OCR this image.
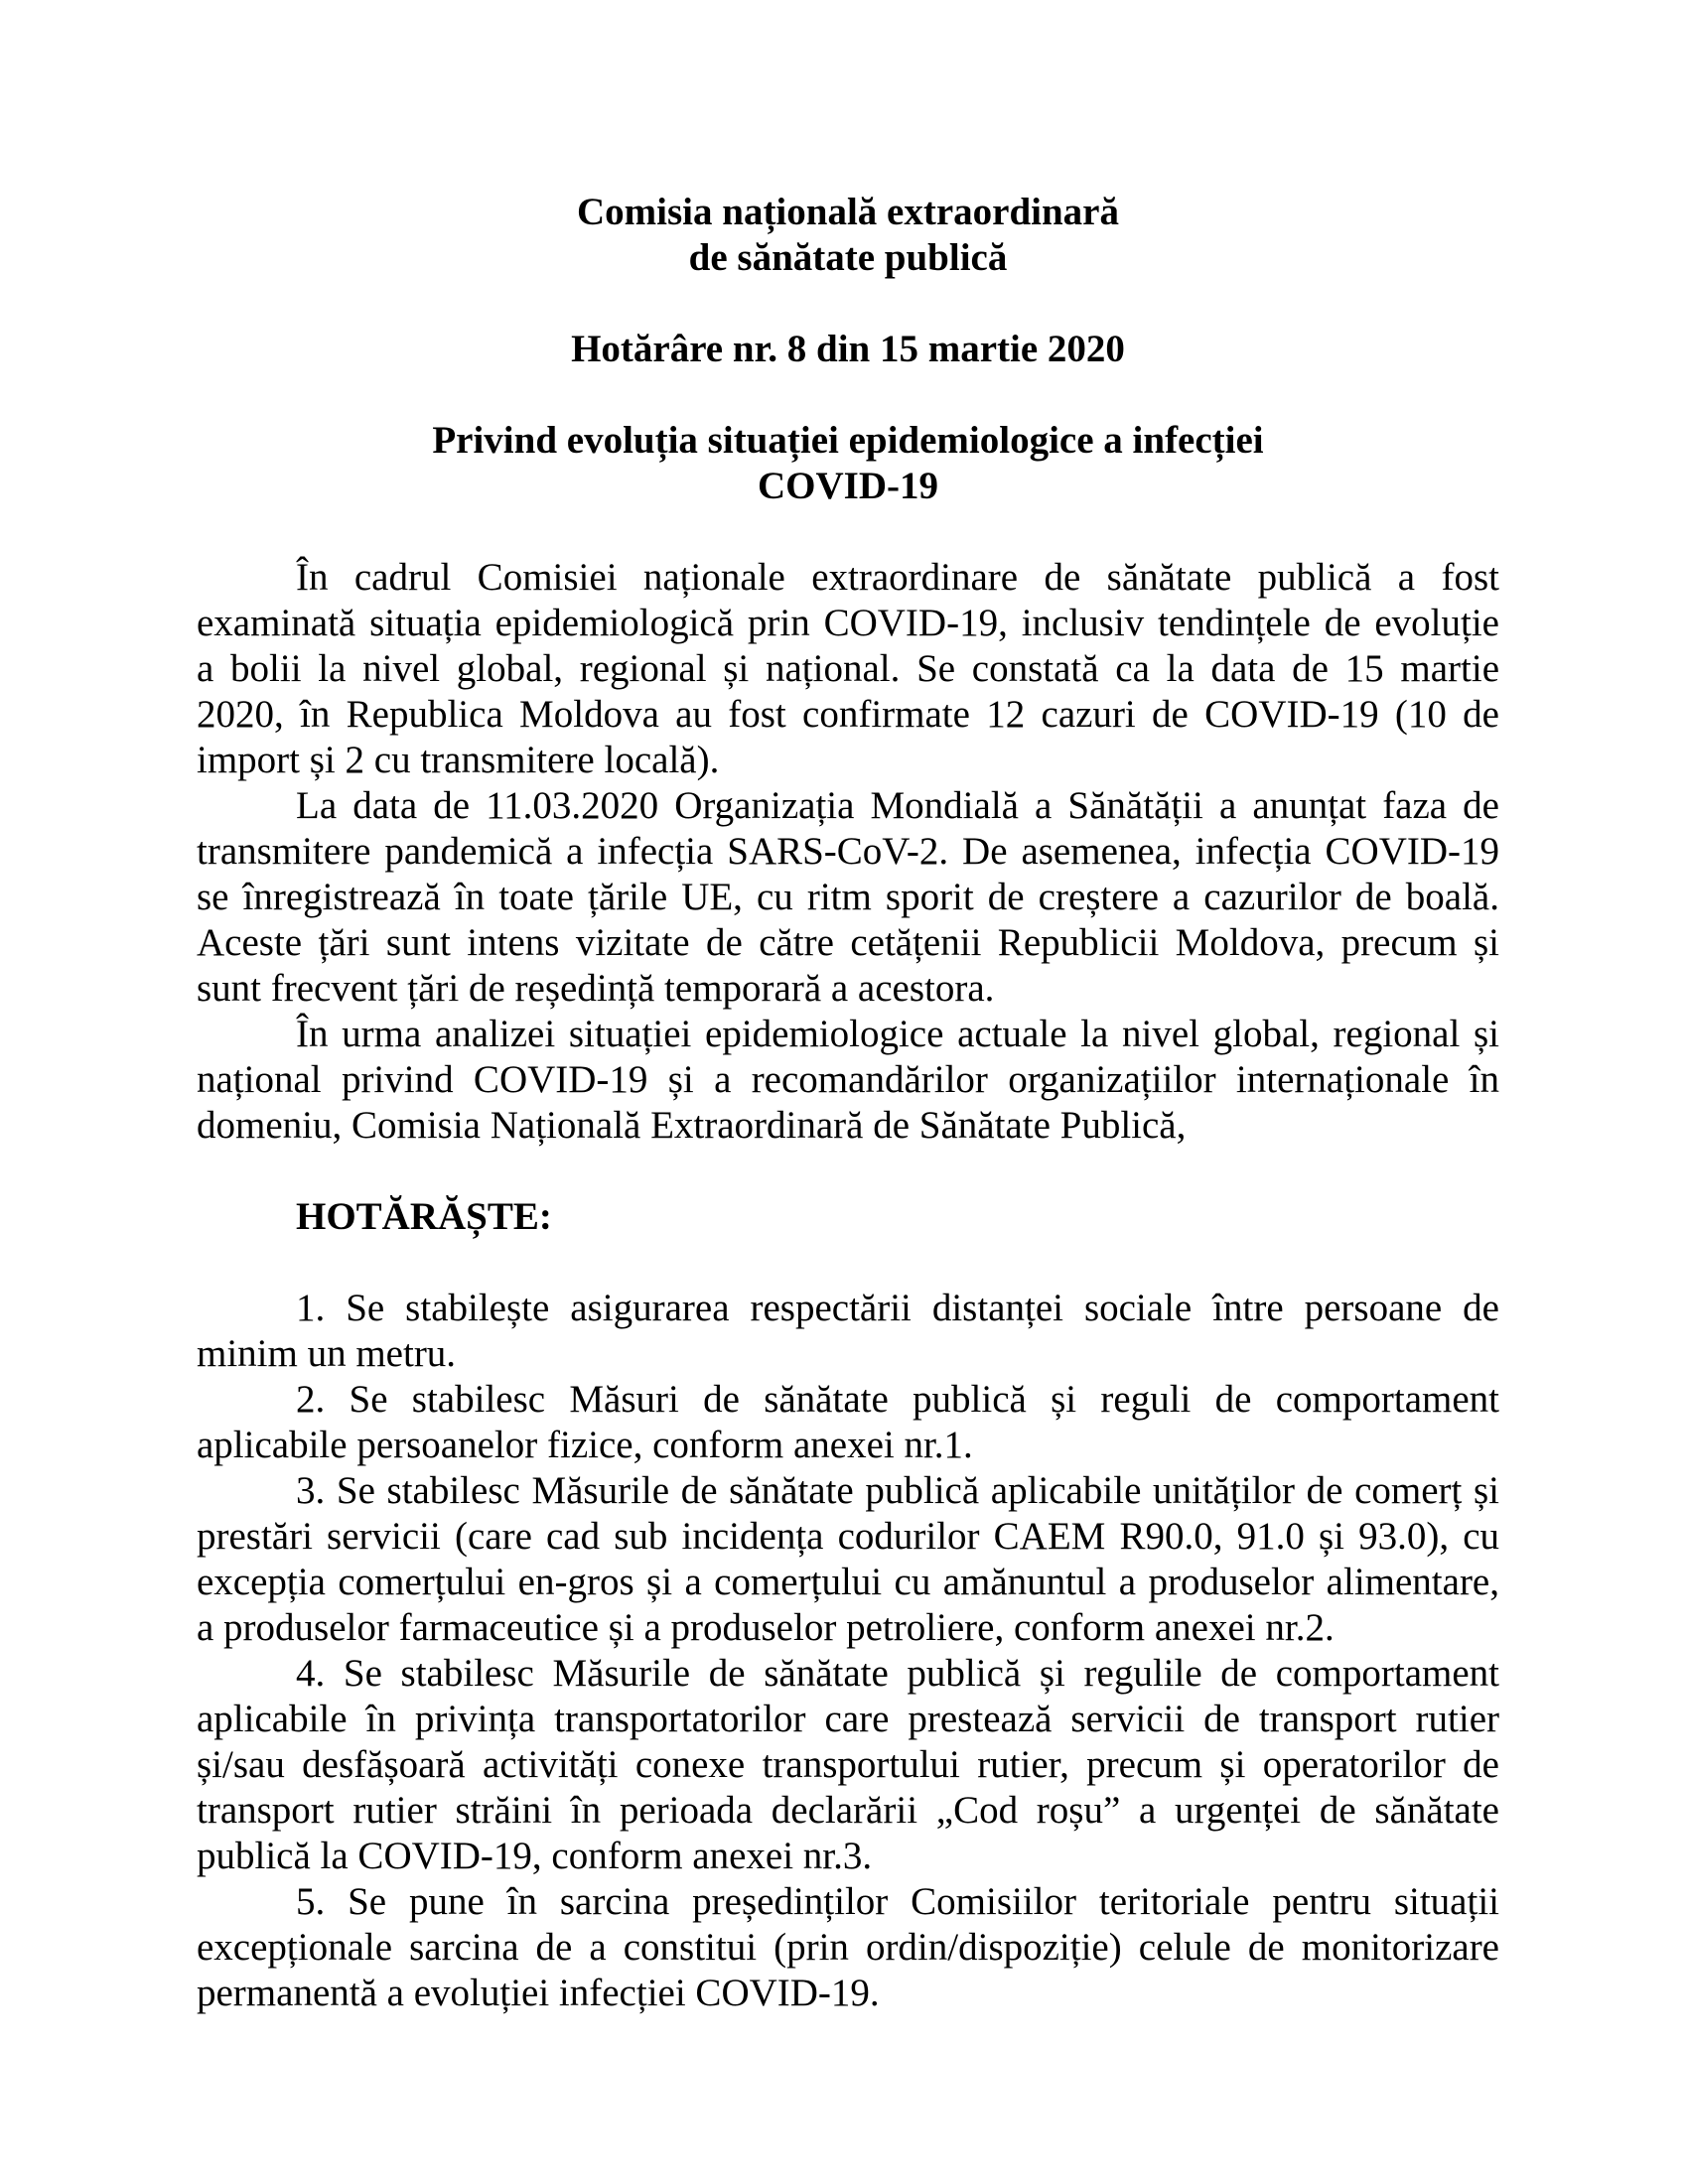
Comisia națională extraordinară
de sănătate publică
Hotărâre nr. 8 din 15 martie 2020
Privind evoluția situației epidemiologice a infecției
COVID-19
În cadrul Comisiei naționale extraordinare de sănătate publică a fost
examinată situația epidemiologică prin COVID-19, inclusiv tendințele de evoluție
a bolii la nivel global, regional și național. Se constată ca la data de 15 martie
2020, în Republica Moldova au fost confirmate 12 cazuri de COVID-19 (10 de
import și 2 cu transmitere locală).
La data de 11.03.2020 Organizația Mondială a Sănătății a anunțat faza de
transmitere pandemică a infecția SARS-CoV-2. De asemenea, infecția COVID-19
se înregistrează în toate țările UE, cu ritm sporit de creștere a cazurilor de boală.
Aceste țări sunt intens vizitate de către cetățenii Republicii Moldova, precum și
sunt frecvent țări de reședință temporară a acestora.
În urma analizei situației epidemiologice actuale la nivel global, regional și
național privind COVID-19 și a recomandărilor organizațiilor internaționale în
domeniu, Comisia Națională Extraordinară de Sănătate Publică,
HOTĂRĂȘTE:
1. Se stabilește asigurarea respectării distanței sociale între persoane de
minim un metru.
2. Se stabilesc Măsuri de sănătate publică și reguli de comportament
aplicabile persoanelor fizice, conform anexei nr.1.
3. Se stabilesc Măsurile de sănătate publică aplicabile unităților de comerț și
prestări servicii (care cad sub incidența codurilor CAEM R90.0, 91.0 și 93.0), cu
excepția comerțului en-gros și a comerțului cu amănuntul a produselor alimentare,
a produselor farmaceutice și a produselor petroliere, conform anexei nr.2.
4. Se stabilesc Măsurile de sănătate publică și regulile de comportament
aplicabile în privința transportatorilor care prestează servicii de transport rutier
și/sau desfășoară activități conexe transportului rutier, precum și operatorilor de
transport rutier străini în perioada declarării „Cod roșu” a urgenței de sănătate
publică la COVID-19, conform anexei nr.3.
5. Se pune în sarcina președinților Comisiilor teritoriale pentru situații
excepționale sarcina de a constitui (prin ordin/dispoziție) celule de monitorizare
permanentă a evoluției infecției COVID-19.
